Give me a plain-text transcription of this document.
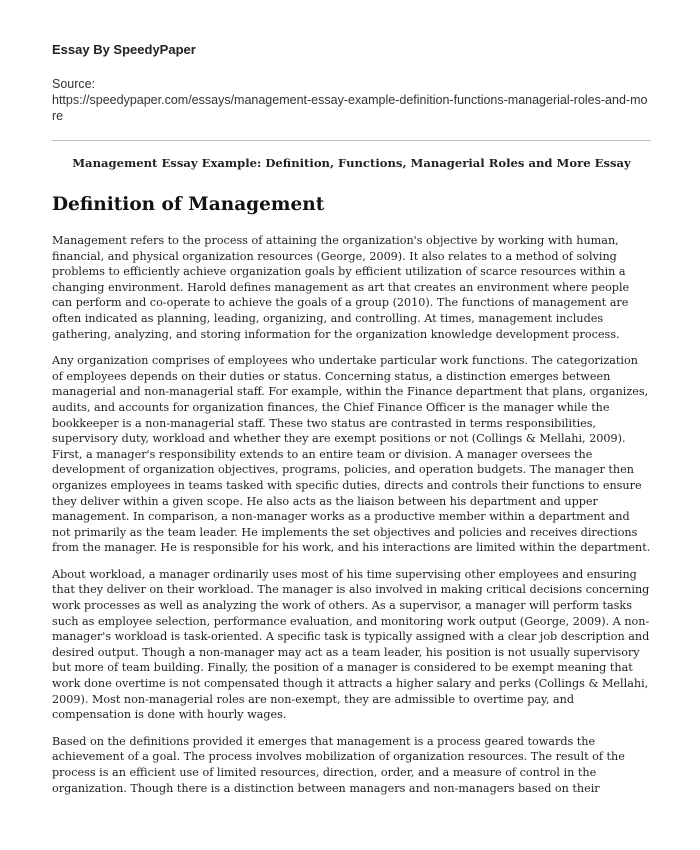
Essay By SpeedyPaper
Source:
https://speedypaper.com/essays/management-essay-example-definition-functions-managerial-roles-and-more
Management Essay Example: Definition, Functions, Managerial Roles and More Essay
Definition of Management

Management refers to the process of attaining the organization's objective by working with human, financial, and physical organization resources (George, 2009). It also relates to a method of solving problems to efficiently achieve organization goals by efficient utilization of scarce resources within a changing environment. Harold defines management as art that creates an environment where people can perform and co-operate to achieve the goals of a group (2010). The functions of management are often indicated as planning, leading, organizing, and controlling. At times, management includes gathering, analyzing, and storing information for the organization knowledge development process.

Any organization comprises of employees who undertake particular work functions. The categorization of employees depends on their duties or status. Concerning status, a distinction emerges between managerial and non-managerial staff. For example, within the Finance department that plans, organizes, audits, and accounts for organization finances, the Chief Finance Officer is the manager while the bookkeeper is a non-managerial staff. These two status are contrasted in terms responsibilities, supervisory duty, workload and whether they are exempt positions or not (Collings & Mellahi, 2009). First, a manager's responsibility extends to an entire team or division. A manager oversees the development of organization objectives, programs, policies, and operation budgets. The manager then organizes employees in teams tasked with specific duties, directs and controls their functions to ensure they deliver within a given scope. He also acts as the liaison between his department and upper management. In comparison, a non-manager works as a productive member within a department and not primarily as the team leader. He implements the set objectives and policies and receives directions from the manager. He is responsible for his work, and his interactions are limited within the department.

About workload, a manager ordinarily uses most of his time supervising other employees and ensuring that they deliver on their workload. The manager is also involved in making critical decisions concerning work processes as well as analyzing the work of others. As a supervisor, a manager will perform tasks such as employee selection, performance evaluation, and monitoring work output (George, 2009). A non-manager's workload is task-oriented. A specific task is typically assigned with a clear job description and desired output. Though a non-manager may act as a team leader, his position is not usually supervisory but more of team building. Finally, the position of a manager is considered to be exempt meaning that work done overtime is not compensated though it attracts a higher salary and perks (Collings & Mellahi, 2009). Most non-managerial roles are non-exempt, they are admissible to overtime pay, and compensation is done with hourly wages.

Based on the definitions provided it emerges that management is a process geared towards the achievement of a goal. The process involves mobilization of organization resources. The result of the process is an efficient use of limited resources, direction, order, and a measure of control in the organization. Though there is a distinction between managers and non-managers based on their
